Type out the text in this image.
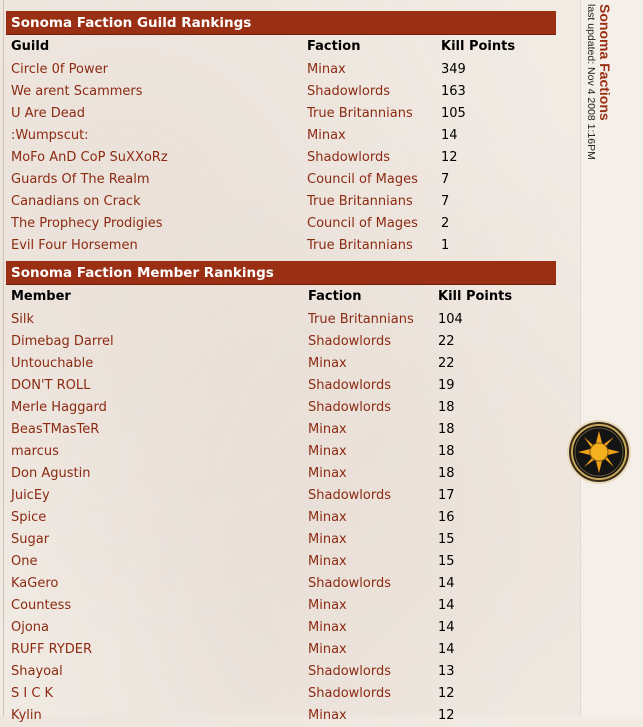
Sonoma Factions
last updated: Nov 4 2008 1:16PM
Sonoma Faction Guild Rankings
Guild	Faction	Kill Points
Circle 0f Power	Minax	349
We arent Scammers	Shadowlords	163
U Are Dead	True Britannians 105
:Wumpscut:	Minax	14
MoFo AnD CoP SuXXoRz	Shadowlords	12
Guards Of The Realm	Council of Mages 7
Canadians on Crack	True Britannians 7
The Prophecy Prodigies	Council of Mages 2
Evil Four Horsemen	True Britannians 1
Sonoma Faction Member Rankings
Member	Faction	Kill Points
Silk	True Britannians 104
Dimebag Darrel	Shadowlords	22
Untouchable	Minax	22
DON'T ROLL	Shadowlords	19
Merle Haggard	Shadowlords	18
BeasTMasTeR	Minax	18
marcus	Minax	18
Don Agustin	Minax	18
JuicEy	Shadowlords	17
Spice	Minax	16
Sugar	Minax	15
One	Minax	15
KaGero	Shadowlords	14
Countess	Minax	14
Ojona	Minax	14
RUFF RYDER	Minax	14
Shayoal	Shadowlords	13
S I C K	Shadowlords	12
Kylin	Minax	12
